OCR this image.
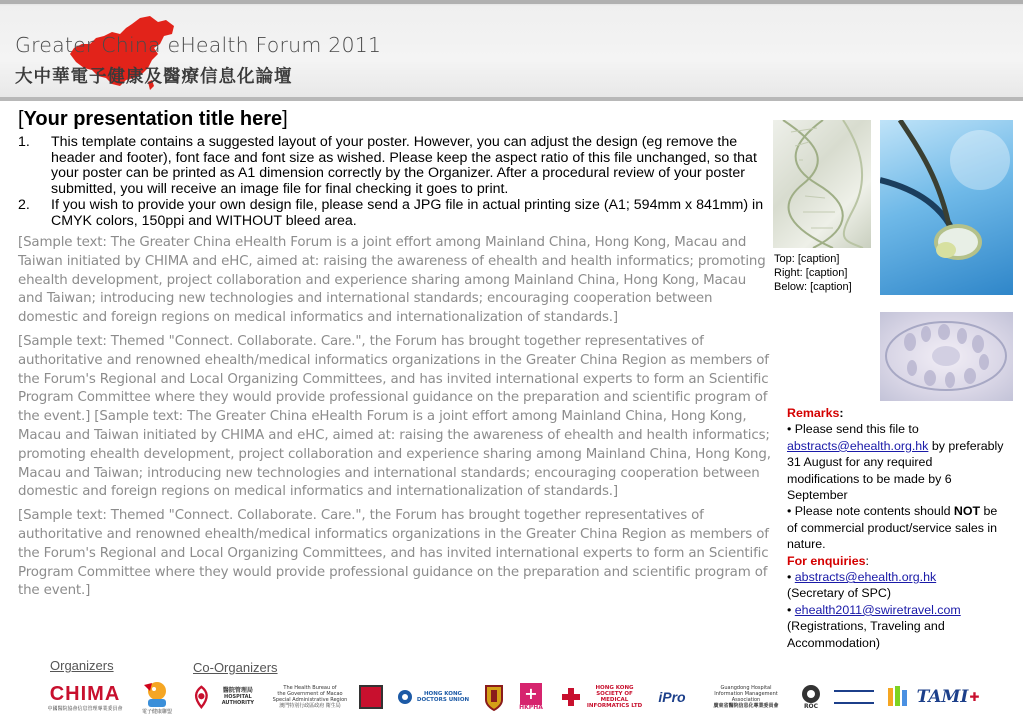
Greater China eHealth Forum 2011
大中華電子健康及醫療信息化論壇
[Your presentation title here]
1. This template contains a suggested layout of your poster. However, you can adjust the design (eg remove the header and footer), font face and font size as wished. Please keep the aspect ratio of this file unchanged, so that your poster can be printed as A1 dimension correctly by the Organizer. After a procedural review of your poster submitted, you will receive an image file for final checking it goes to print.
2. If you wish to provide your own design file, please send a JPG file in actual printing size (A1; 594mm x 841mm) in CMYK colors, 150ppi and WITHOUT bleed area.

[Sample text: The Greater China eHealth Forum is a joint effort among Mainland China, Hong Kong, Macau and Taiwan initiated by CHIMA and eHC, aimed at: raising the awareness of ehealth and health informatics; promoting ehealth development, project collaboration and experience sharing among Mainland China, Hong Kong, Macau and Taiwan; introducing new technologies and international standards; encouraging cooperation between domestic and foreign regions on medical informatics and internationalization of standards.]

[Sample text: Themed "Connect. Collaborate. Care.", the Forum has brought together representatives of authoritative and renowned ehealth/medical informatics organizations in the Greater China Region as members of the Forum's Regional and Local Organizing Committees, and has invited international experts to form an Scientific Program Committee where they would provide professional guidance on the preparation and scientific program of the event.] [Sample text: The Greater China eHealth Forum is a joint effort among Mainland China, Hong Kong, Macau and Taiwan initiated by CHIMA and eHC, aimed at: raising the awareness of ehealth and health informatics; promoting ehealth development, project collaboration and experience sharing among Mainland China, Hong Kong, Macau and Taiwan; introducing new technologies and international standards; encouraging cooperation between domestic and foreign regions on medical informatics and internationalization of standards.]

[Sample text: Themed "Connect. Collaborate. Care.", the Forum has brought together representatives of authoritative and renowned ehealth/medical informatics organizations in the Greater China Region as members of the Forum's Regional and Local Organizing Committees, and has invited international experts to form an Scientific Program Committee where they would provide professional guidance on the preparation and scientific program of the event.]

Top: [caption]
Right: [caption]
Below: [caption]
Remarks:
• Please send this file to
abstracts@ehealth.org.hk by preferably 31 August for any required modifications to be made by 6 September
• Please note contents should NOT be of commercial product/service sales in nature.
For enquiries:
• abstracts@ehealth.org.hk
(Secretary of SPC)
• ehealth2011@swiretravel.com
(Registrations, Traveling and Accommodation)
Organizers	Co-Organizers
CHIMA
中國醫院協會信息管理專業委員會
電子健康聯盟
醫院管理局
HOSPITAL AUTHORITY
The Health Bureau of
the Government of Macao
Special Administrative Region
澳門特別行政區政府 衛生局
HONG KONG DOCTORS UNION	+
HKPHA
HONG KONG SOCIETY OF MEDICAL INFORMATICS LTD
iPro
Guangdong Hospital
Information Management Association
廣東省醫院信息化專業委員會	ROC	TAMI ✚
